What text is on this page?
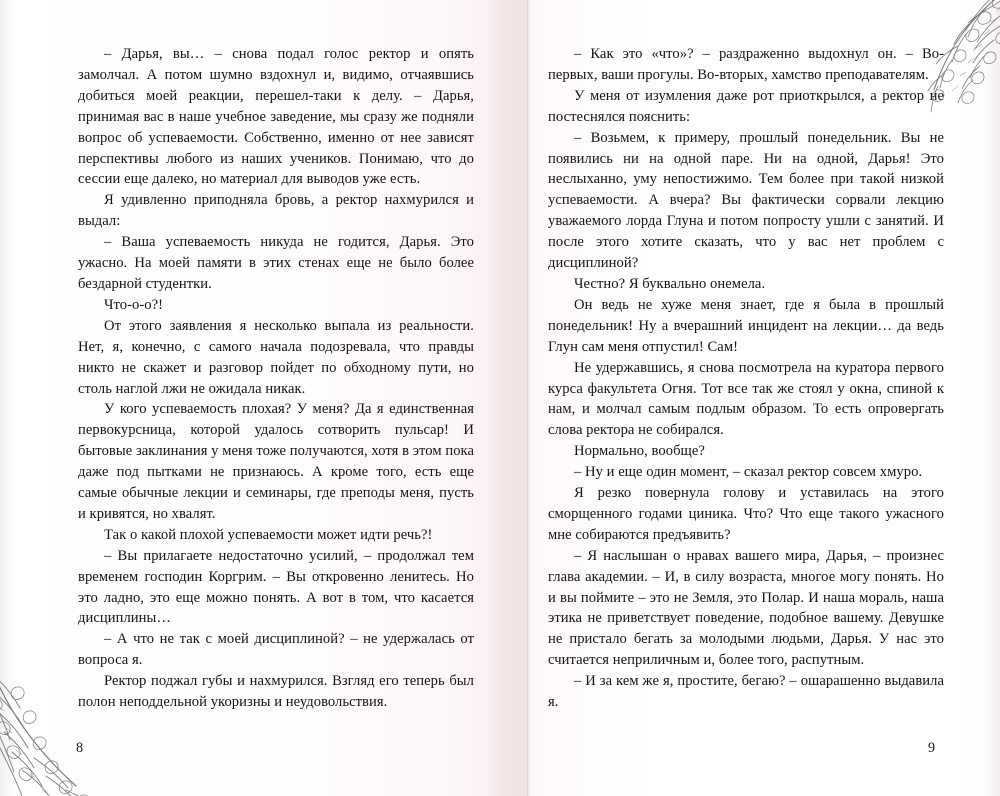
– Дарья, вы… – снова подал голос ректор и опять замолчал. А потом шумно вздохнул и, видимо, отчаявшись добиться моей реакции, перешел-таки к делу. – Дарья, принимая вас в наше учебное заведение, мы сразу же подняли вопрос об успеваемости. Собственно, именно от нее зависят перспективы любого из наших учеников. Понимаю, что до сессии еще далеко, но материал для выводов уже есть.

Я удивленно приподняла бровь, а ректор нахмурился и выдал:

– Ваша успеваемость никуда не годится, Дарья. Это ужасно. На моей памяти в этих стенах еще не было более бездарной студентки.

Что-о-о?!

От этого заявления я несколько выпала из реальности. Нет, я, конечно, с самого начала подозревала, что правды никто не скажет и разговор пойдет по обходному пути, но столь наглой лжи не ожидала никак.

У кого успеваемость плохая? У меня? Да я единственная первокурсница, которой удалось сотворить пульсар! И бытовые заклинания у меня тоже получаются, хотя в этом пока даже под пытками не признаюсь. А кроме того, есть еще самые обычные лекции и семинары, где преподы меня, пусть и кривятся, но хвалят.

Так о какой плохой успеваемости может идти речь?!

– Вы прилагаете недостаточно усилий, – продолжал тем временем господин Коргрим. – Вы откровенно ленитесь. Но это ладно, это еще можно понять. А вот в том, что касается дисциплины…

– А что не так с моей дисциплиной? – не удержалась от вопроса я.

Ректор поджал губы и нахмурился. Взгляд его теперь был полон неподдельной укоризны и неудовольствия.

– Как это «что»? – раздраженно выдохнул он. – Во-первых, ваши прогулы. Во-вторых, хамство преподавателям.

У меня от изумления даже рот приоткрылся, а ректор не постеснялся пояснить:

– Возьмем, к примеру, прошлый понедельник. Вы не появились ни на одной паре. Ни на одной, Дарья! Это неслыханно, уму непостижимо. Тем более при такой низкой успеваемости. А вчера? Вы фактически сорвали лекцию уважаемого лорда Глуна и потом попросту ушли с занятий. И после этого хотите сказать, что у вас нет проблем с дисциплиной?

Честно? Я буквально онемела.

Он ведь не хуже меня знает, где я была в прошлый понедельник! Ну а вчерашний инцидент на лекции… да ведь Глун сам меня отпустил! Сам!

Не удержавшись, я снова посмотрела на куратора первого курса факультета Огня. Тот все так же стоял у окна, спиной к нам, и молчал самым подлым образом. То есть опровергать слова ректора не собирался.

Нормально, вообще?

– Ну и еще один момент, – сказал ректор совсем хмуро.

Я резко повернула голову и уставилась на этого сморщенного годами циника. Что? Что еще такого ужасного мне собираются предъявить?

– Я наслышан о нравах вашего мира, Дарья, – произнес глава академии. – И, в силу возраста, многое могу понять. Но и вы поймите – это не Земля, это Полар. И наша мораль, наша этика не приветствует поведение, подобное вашему. Девушке не пристало бегать за молодыми людьми, Дарья. У нас это считается неприличным и, более того, распутным.

– И за кем же я, простите, бегаю? – ошарашенно выдавила я.

8	9
